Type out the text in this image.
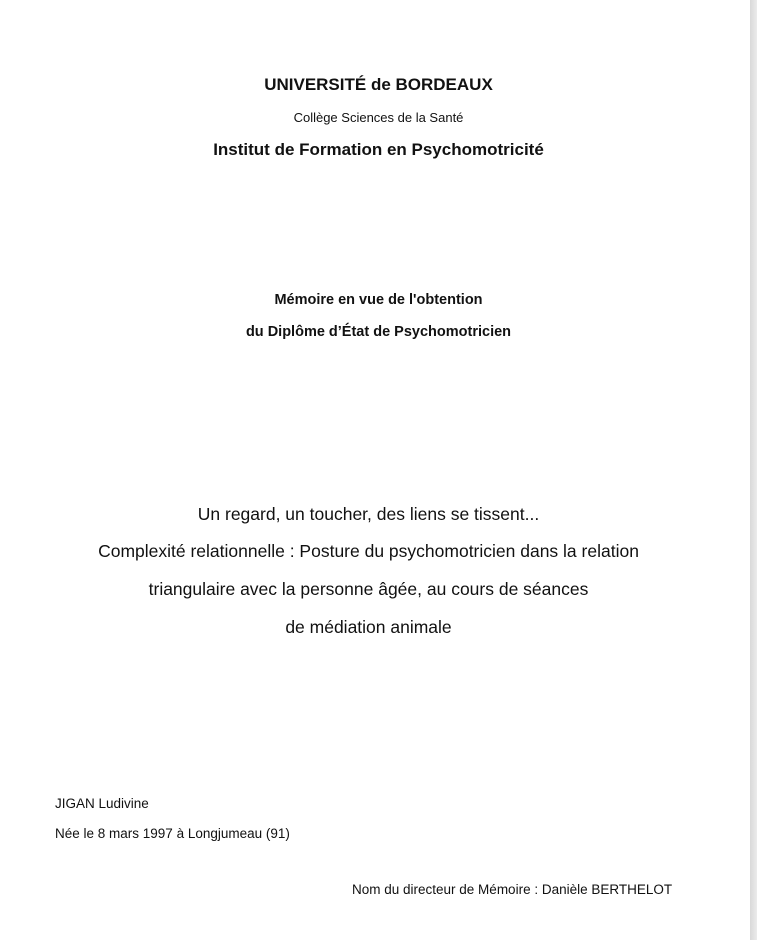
UNIVERSITÉ de BORDEAUX
Collège Sciences de la Santé
Institut de Formation en Psychomotricité
Mémoire en vue de l'obtention
du Diplôme d’État de Psychomotricien
Un regard, un toucher, des liens se tissent...
Complexité relationnelle : Posture du psychomotricien dans la relation
triangulaire avec la personne âgée, au cours de séances
de médiation animale
JIGAN Ludivine
Née le 8 mars 1997 à Longjumeau (91)
Nom du directeur de Mémoire : Danièle BERTHELOT
